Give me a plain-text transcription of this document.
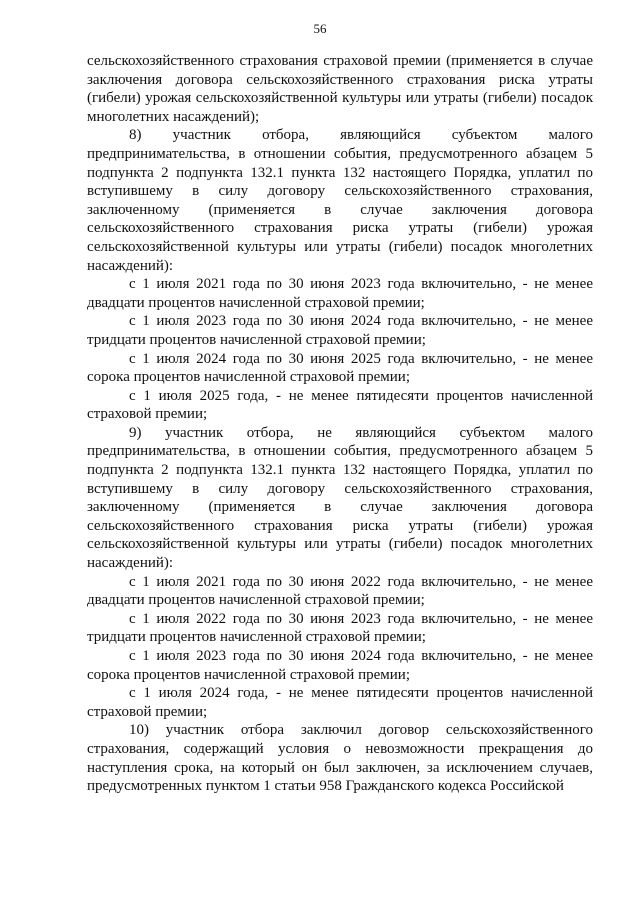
56

сельскохозяйственного страхования страховой премии (применяется в случае заключения договора сельскохозяйственного страхования риска утраты (гибели) урожая сельскохозяйственной культуры или утраты (гибели) посадок многолетних насаждений);

8) участник отбора, являющийся субъектом малого предпринимательства, в отношении события, предусмотренного абзацем 5 подпункта 2 подпункта 132.1 пункта 132 настоящего Порядка, уплатил по вступившему в силу договору сельскохозяйственного страхования, заключенному (применяется в случае заключения договора сельскохозяйственного страхования риска утраты (гибели) урожая сельскохозяйственной культуры или утраты (гибели) посадок многолетних насаждений):

с 1 июля 2021 года по 30 июня 2023 года включительно, - не менее двадцати процентов начисленной страховой премии;

с 1 июля 2023 года по 30 июня 2024 года включительно, - не менее тридцати процентов начисленной страховой премии;

с 1 июля 2024 года по 30 июня 2025 года включительно, - не менее сорока процентов начисленной страховой премии;

с 1 июля 2025 года, - не менее пятидесяти процентов начисленной страховой премии;

9) участник отбора, не являющийся субъектом малого предпринимательства, в отношении события, предусмотренного абзацем 5 подпункта 2 подпункта 132.1 пункта 132 настоящего Порядка, уплатил по вступившему в силу договору сельскохозяйственного страхования, заключенному (применяется в случае заключения договора сельскохозяйственного страхования риска утраты (гибели) урожая сельскохозяйственной культуры или утраты (гибели) посадок многолетних насаждений):

с 1 июля 2021 года по 30 июня 2022 года включительно, - не менее двадцати процентов начисленной страховой премии;

с 1 июля 2022 года по 30 июня 2023 года включительно, - не менее тридцати процентов начисленной страховой премии;

с 1 июля 2023 года по 30 июня 2024 года включительно, - не менее сорока процентов начисленной страховой премии;

с 1 июля 2024 года, - не менее пятидесяти процентов начисленной страховой премии;

10) участник отбора заключил договор сельскохозяйственного страхования, содержащий условия о невозможности прекращения до наступления срока, на который он был заключен, за исключением случаев, предусмотренных пунктом 1 статьи 958 Гражданского кодекса Российской
